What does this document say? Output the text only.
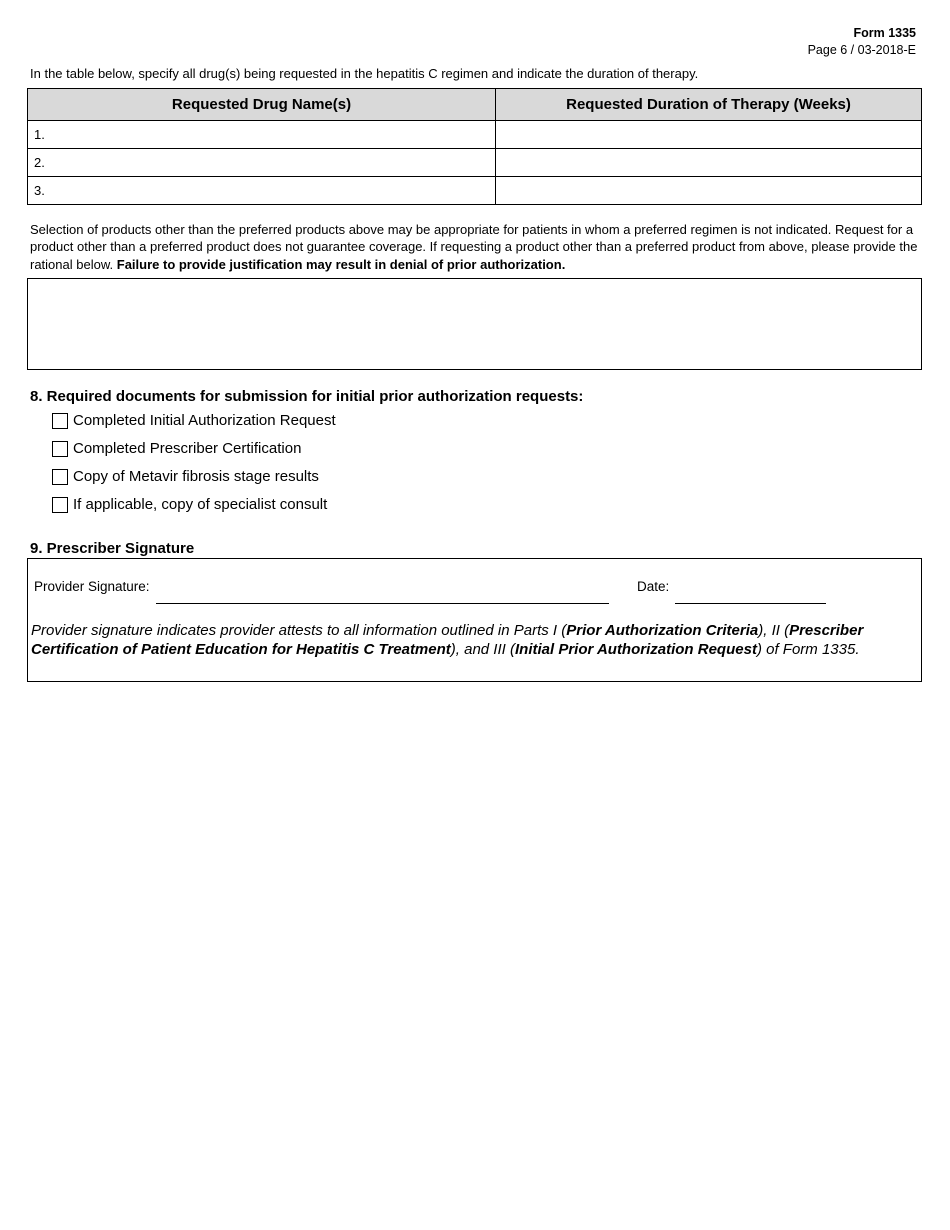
Form 1335
Page 6 / 03-2018-E
In the table below, specify all drug(s) being requested in the hepatitis C regimen and indicate the duration of therapy.
Requested Drug Name(s)	Requested Duration of Therapy (Weeks)
1.	
2.	
3.	
Selection of products other than the preferred products above may be appropriate for patients in whom a preferred regimen is not indicated. Request for a product other than a preferred product does not guarantee coverage. If requesting a product other than a preferred product from above, please provide the rational below. Failure to provide justification may result in denial of prior authorization.
8. Required documents for submission for initial prior authorization requests:
Completed Initial Authorization Request
Completed Prescriber Certification
Copy of Metavir fibrosis stage results
If applicable, copy of specialist consult
9. Prescriber Signature
Provider Signature:	Date:
Provider signature indicates provider attests to all information outlined in Parts I (Prior Authorization Criteria), II (Prescriber Certification of Patient Education for Hepatitis C Treatment), and III (Initial Prior Authorization Request) of Form 1335.
